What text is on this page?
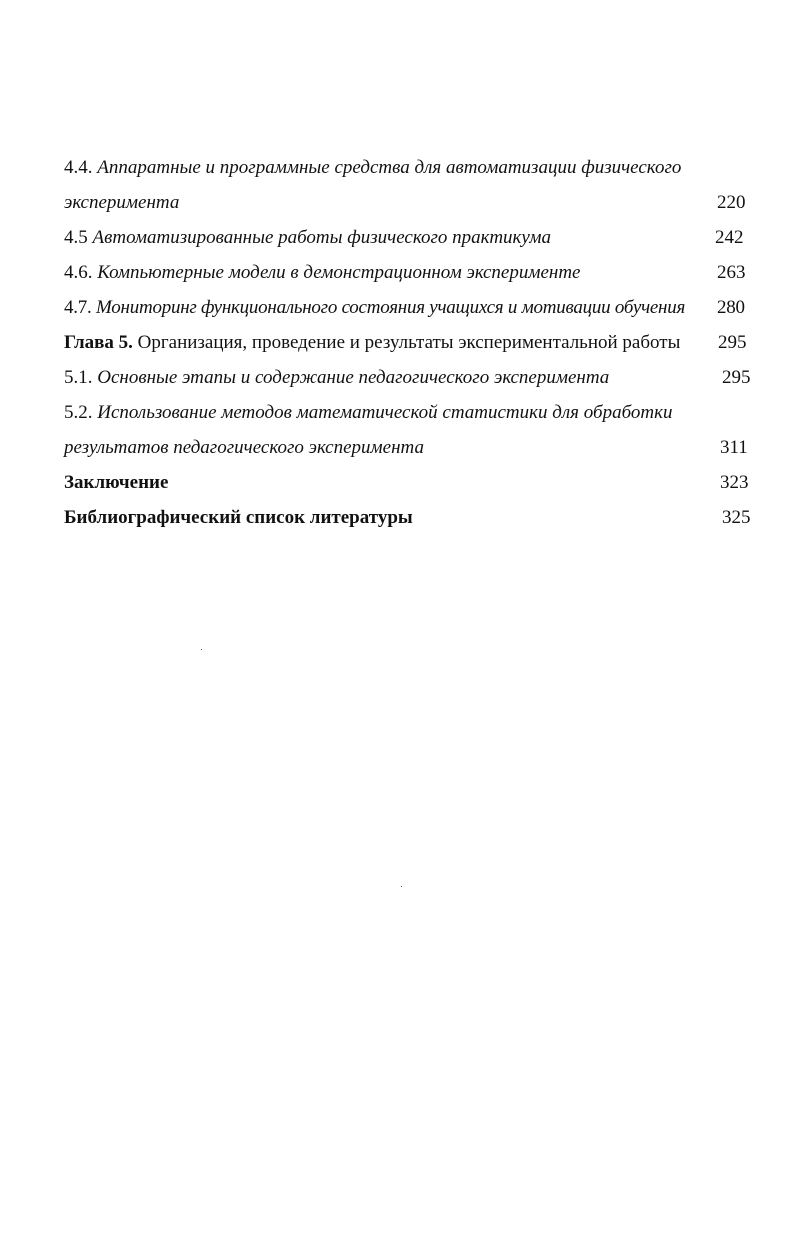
4.4. Аппаратные и программные средства для автоматизации физического
эксперимента	220
4.5 Автоматизированные работы физического практикума	242
4.6. Компьютерные модели в демонстрационном эксперименте	263
4.7. Мониторинг функционального состояния учащихся и мотивации обучения 280
Глава 5. Организация, проведение и результаты экспериментальной работы 295
5.1. Основные этапы и содержание педагогического эксперимента	295
5.2. Использование методов математической статистики для обработки
результатов педагогического эксперимента	311
Заключение	323
Библиографический список литературы	325
